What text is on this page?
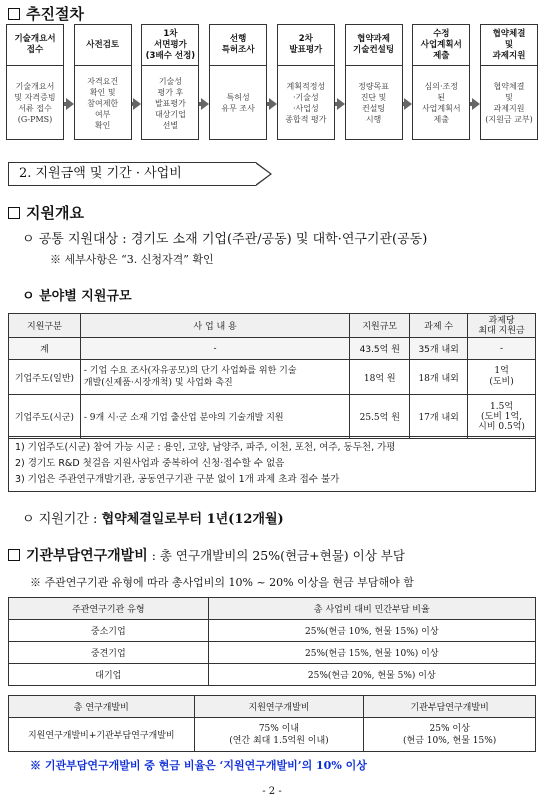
추진절차
기술개요서
접수
기술개요서
및 자격증빙
서류 접수
(G-PMS)
사전검토
자격요건
확인 및
참여제한
여부
확인
1차
서면평가
(3배수 선정)
기술성
평가 후
발표평가
대상기업
선별
선행
특허조사
특허성
유무 조사
2차
발표평가
계획적정성
·기술성
·사업성
종합적 평가
협약과제
기술컨설팅
정량목표
진단 및
컨설팅
시행
수정
사업계획서
제출
심의·조정
된
사업계획서
제출
협약체결
및
과제지원
협약체결
및
과제지원
(지원금 교부)
2. 지원금액 및 기간 · 사업비
지원개요
ㅇ 공통 지원대상 : 경기도 소재 기업(주관/공동) 및 대학·연구기관(공동)
※ 세부사항은 “3. 신청자격” 확인
ㅇ 분야별 지원규모
지원구분	사 업 내 용	지원규모	과제 수	과제당
최대 지원금
계	-	43.5억 원	35개 내외	-
기업주도(일반)	- 기업 수요 조사(자유공모)의 단기 사업화를 위한 기술
개발(신제품·시장개척) 및 사업화 촉진	18억 원	18개 내외	1억
(도비)
기업주도(시군)	- 9개 시·군 소재 기업 출산업 분야의 기술개발 지원	25.5억 원	17개 내외	1.5억
(도비 1억,
시비 0.5억)
1) 기업주도(시군) 참여 가능 시군 : 용인, 고양, 남양주, 파주, 이천, 포천, 여주, 동두천, 가평
2) 경기도 R&D 첫걸음 지원사업과 중복하여 신청·접수할 수 없음
3) 기업은 주관연구개발기관, 공동연구기관 구분 없이 1개 과제 초과 접수 불가
ㅇ 지원기간 : 협약체결일로부터 1년(12개월)
기관부담연구개발비 : 총 연구개발비의 25%(현금+현물) 이상 부담
※ 주관연구기관 유형에 따라 총사업비의 10% ~ 20% 이상을 현금 부담해야 함
주관연구기관 유형	총 사업비 대비 민간부담 비율
중소기업	25%(현금 10%, 현물 15%) 이상
중견기업	25%(현금 15%, 현물 10%) 이상
대기업	25%(현금 20%, 현물 5%) 이상
총 연구개발비	지원연구개발비	기관부담연구개발비
지원연구개발비+기관부담연구개발비	75% 이내
(연간 최대 1.5억원 이내)	25% 이상
(현금 10%, 현물 15%)
※ 기관부담연구개발비 중 현금 비율은 ‘지원연구개발비’의 10% 이상
- 2 -
